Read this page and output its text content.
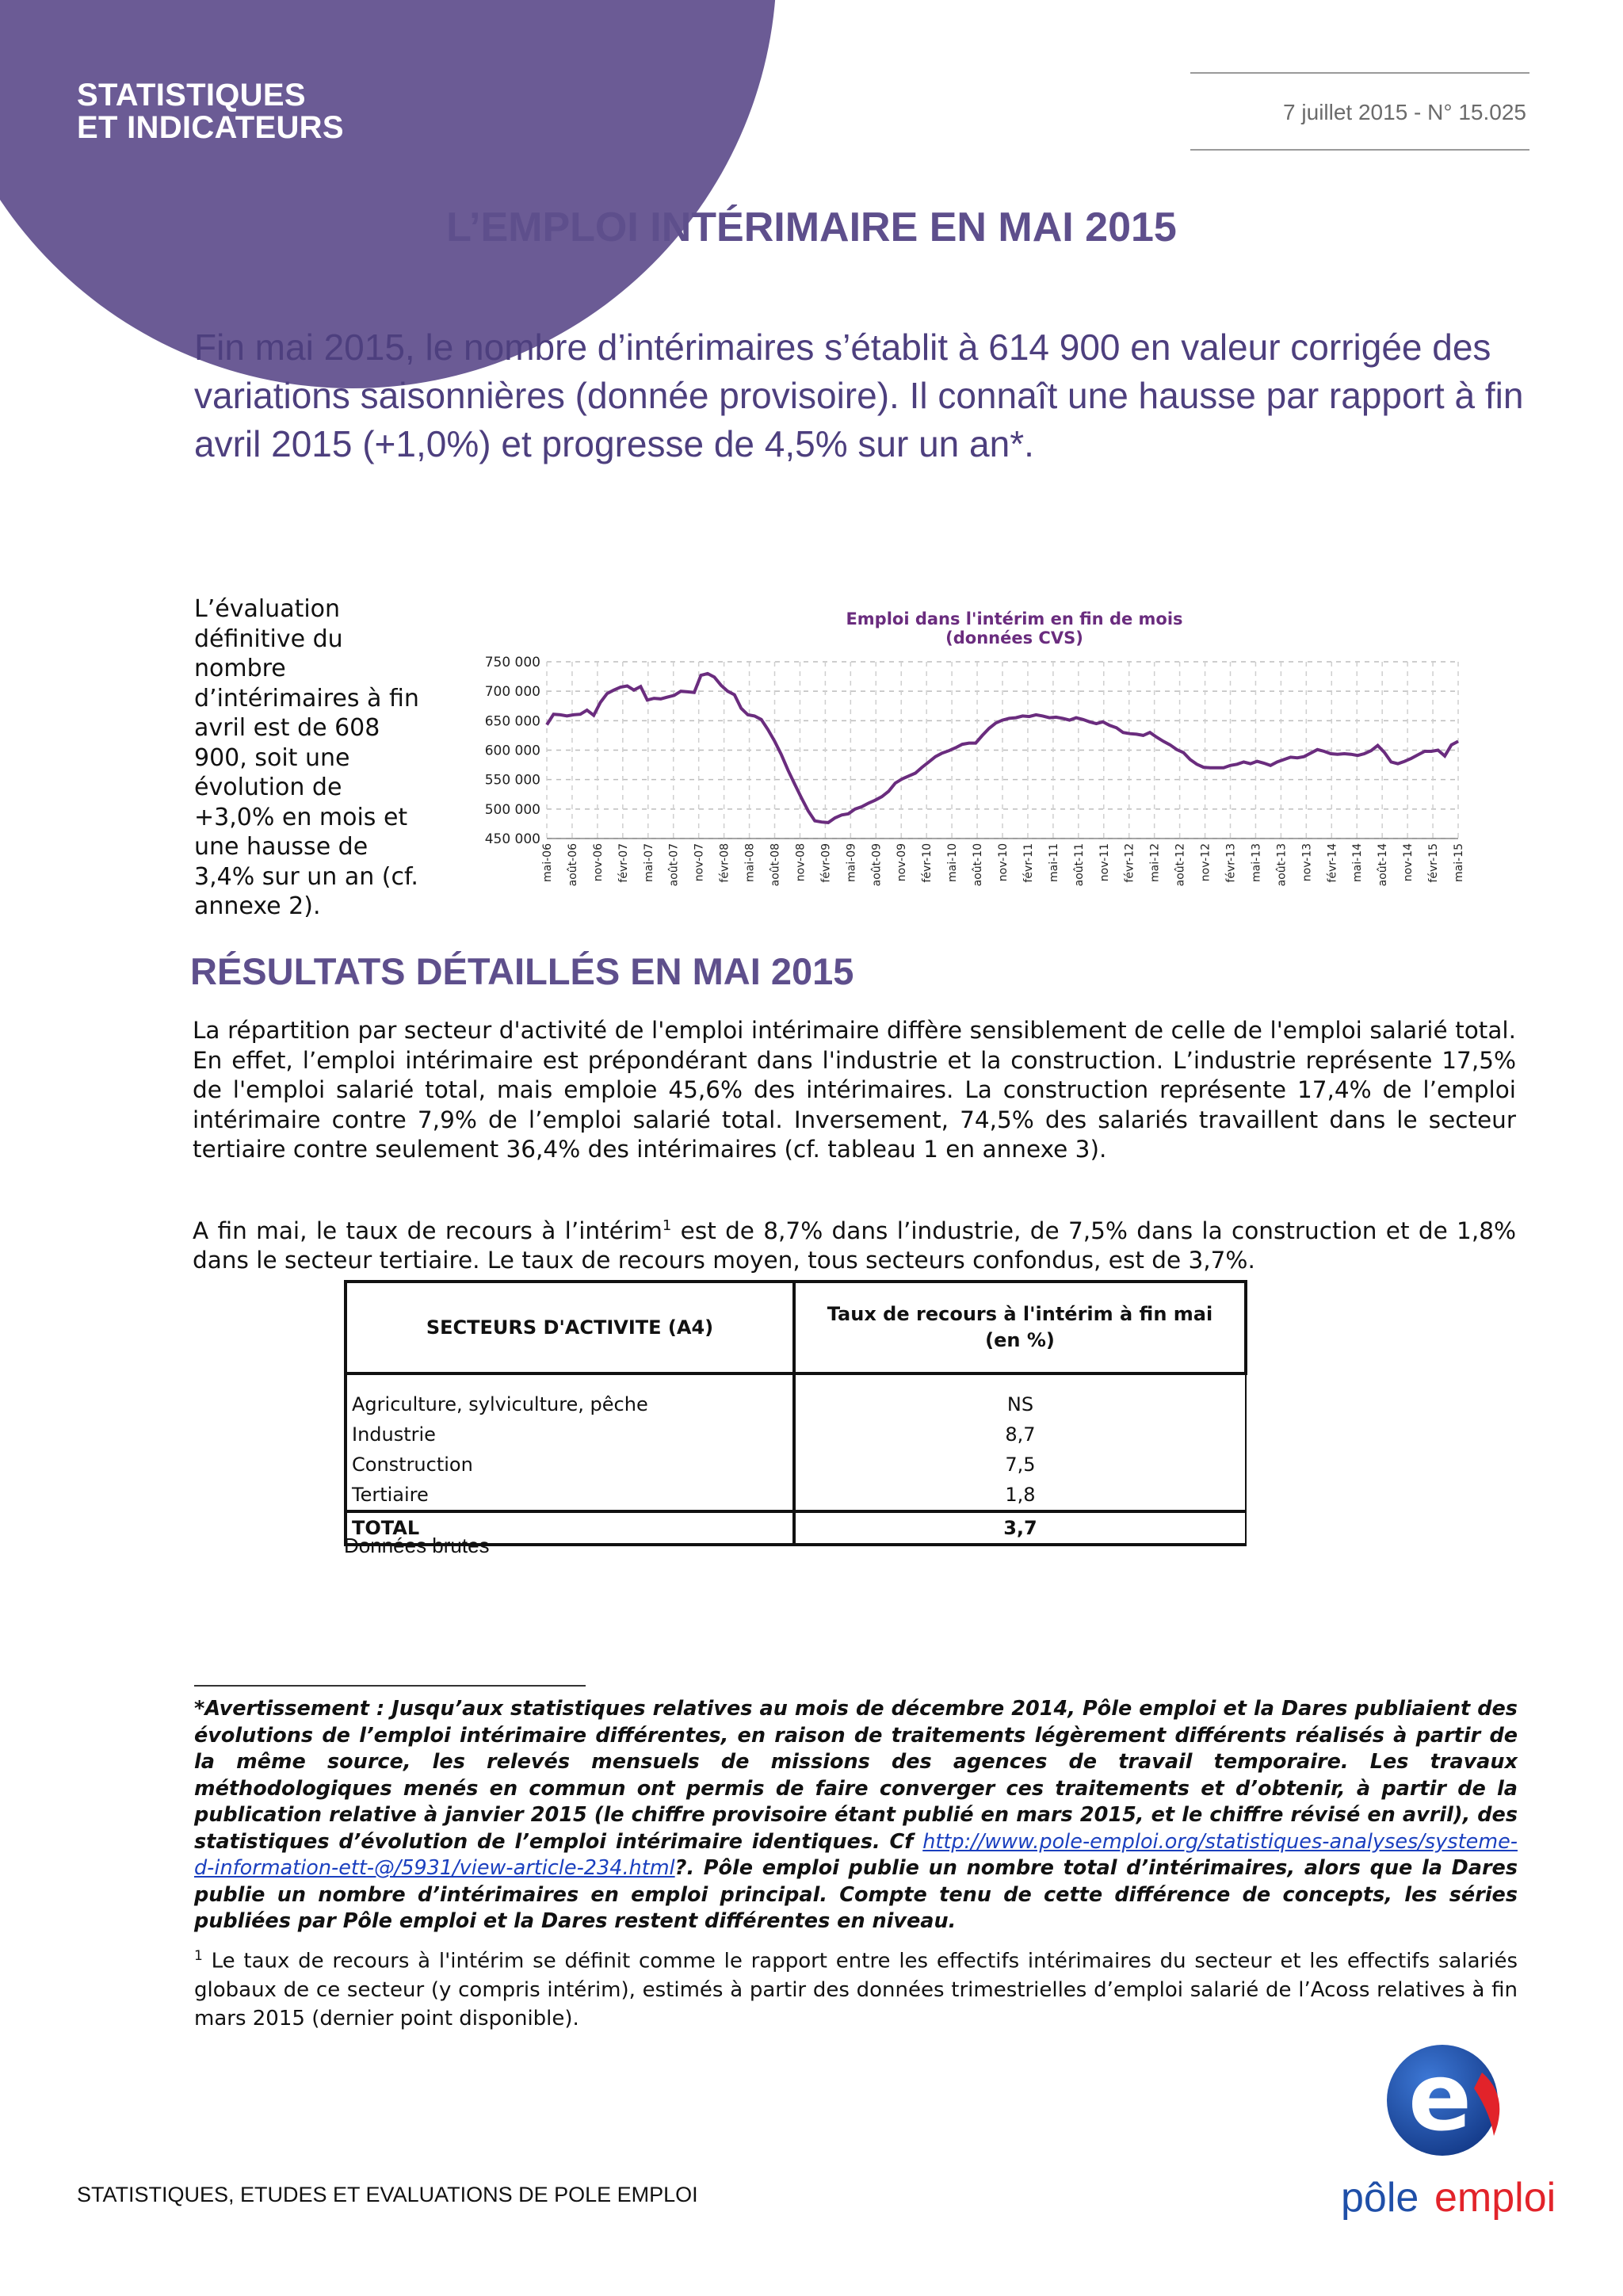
STATISTIQUES
ET INDICATEURS	7 juillet 2015 - N° 15.025
L’EMPLOI INTÉRIMAIRE EN MAI 2015
Fin mai 2015, le nombre d’intérimaires s’établit à 614 900 en valeur corrigée des variations saisonnières (donnée provisoire). Il connaît une hausse par rapport à fin avril 2015 (+1,0%) et progresse de 4,5% sur un an*.
L’évaluation définitive du nombre d’intérimaires à fin avril est de 608 900, soit une évolution de +3,0% en mois et une hausse de 3,4% sur un an (cf. annexe 2).
Emploi dans l'intérim en fin de mois
(données CVS)
750 000
700 000
650 000
600 000
550 000
500 000
450 000
mai-06 août-06 nov-06 févr-07 mai-07 août-07 nov-07 févr-08 mai-08 août-08 nov-08 févr-09 mai-09 août-09 nov-09 févr-10 mai-10 août-10 nov-10 févr-11 mai-11 août-11 nov-11 févr-12 mai-12 août-12 nov-12 févr-13 mai-13 août-13 nov-13 févr-14 mai-14 août-14 nov-14 févr-15 mai-15
RÉSULTATS DÉTAILLÉS EN MAI 2015
La répartition par secteur d'activité de l'emploi intérimaire diffère sensiblement de celle de l'emploi salarié total. En effet, l’emploi intérimaire est prépondérant dans l'industrie et la construction. L’industrie représente 17,5% de l'emploi salarié total, mais emploie 45,6% des intérimaires. La construction représente 17,4% de l’emploi intérimaire contre 7,9% de l’emploi salarié total. Inversement, 74,5% des salariés travaillent dans le secteur tertiaire contre seulement 36,4% des intérimaires (cf. tableau 1 en annexe 3).
A fin mai, le taux de recours à l’intérim$^1$ est de 8,7% dans l’industrie, de 7,5% dans la construction et de 1,8% dans le secteur tertiaire. Le taux de recours moyen, tous secteurs confondus, est de 3,7%.
SECTEURS D'ACTIVITE (A4)	Taux de recours à l'intérim à fin mai (en %)

Agriculture, sylviculture, pêche	NS
Industrie	8,7
Construction	7,5
Tertiaire	1,8
TOTAL	3,7
Données brutes
*Avertissement : Jusqu’aux statistiques relatives au mois de décembre 2014, Pôle emploi et la Dares publiaient des évolutions de l’emploi intérimaire différentes, en raison de traitements légèrement différents réalisés à partir de la même source, les relevés mensuels de missions des agences de travail temporaire. Les travaux méthodologiques menés en commun ont permis de faire converger ces traitements et d’obtenir, à partir de la publication relative à janvier 2015 (le chiffre provisoire étant publié en mars 2015, et le chiffre révisé en avril), des statistiques d’évolution de l’emploi intérimaire identiques. Cf http://www.pole-emploi.org/statistiques-analyses/systeme-d-information-ett-@/5931/view-article-234.html?. Pôle emploi publie un nombre total d’intérimaires, alors que la Dares publie un nombre d’intérimaires en emploi principal. Compte tenu de cette différence de concepts, les séries publiées par Pôle emploi et la Dares restent différentes en niveau.
$^1$ Le taux de recours à l'intérim se définit comme le rapport entre les effectifs intérimaires du secteur et les effectifs salariés globaux de ce secteur (y compris intérim), estimés à partir des données trimestrielles d’emploi salarié de l’Acoss relatives à fin mars 2015 (dernier point disponible).
STATISTIQUES, ETUDES ET EVALUATIONS DE POLE EMPLOI
e
pôle emploi
